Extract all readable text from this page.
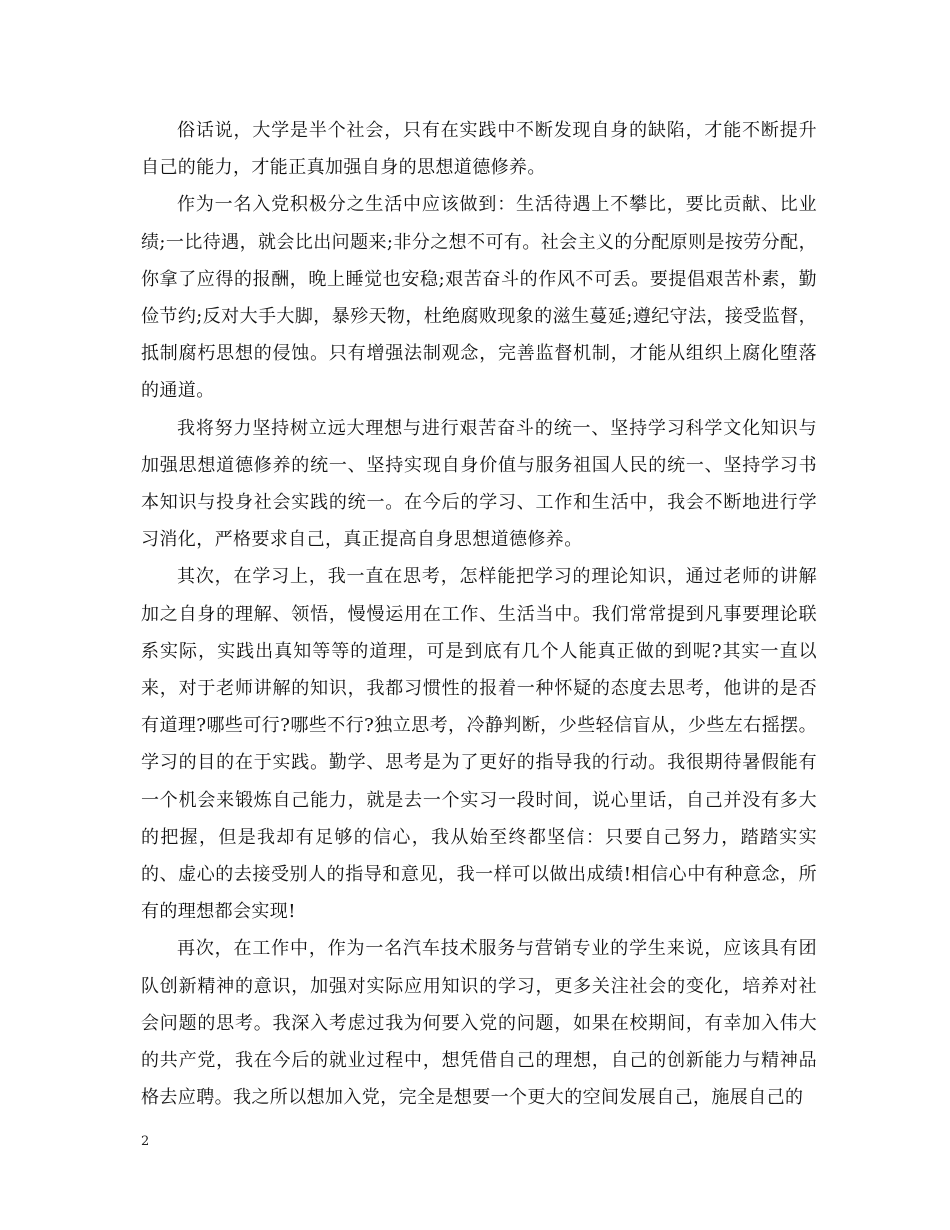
俗话说，大学是半个社会，只有在实践中不断发现自身的缺陷，才能不断提升自己的能力，才能正真加强自身的思想道德修养。

作为一名入党积极分之生活中应该做到：生活待遇上不攀比，要比贡献、比业绩;一比待遇，就会比出问题来;非分之想不可有。社会主义的分配原则是按劳分配，你拿了应得的报酬，晚上睡觉也安稳;艰苦奋斗的作风不可丢。要提倡艰苦朴素，勤俭节约;反对大手大脚，暴殄天物，杜绝腐败现象的滋生蔓延;遵纪守法，接受监督，抵制腐朽思想的侵蚀。只有增强法制观念，完善监督机制，才能从组织上腐化堕落的通道。

我将努力坚持树立远大理想与进行艰苦奋斗的统一、坚持学习科学文化知识与加强思想道德修养的统一、坚持实现自身价值与服务祖国人民的统一、坚持学习书本知识与投身社会实践的统一。在今后的学习、工作和生活中，我会不断地进行学习消化，严格要求自己，真正提高自身思想道德修养。

其次，在学习上，我一直在思考，怎样能把学习的理论知识，通过老师的讲解加之自身的理解、领悟，慢慢运用在工作、生活当中。我们常常提到凡事要理论联系实际，实践出真知等等的道理，可是到底有几个人能真正做的到呢?其实一直以来，对于老师讲解的知识，我都习惯性的报着一种怀疑的态度去思考，他讲的是否有道理?哪些可行?哪些不行?独立思考，冷静判断，少些轻信盲从，少些左右摇摆。学习的目的在于实践。勤学、思考是为了更好的指导我的行动。我很期待暑假能有一个机会来锻炼自己能力，就是去一个实习一段时间，说心里话，自己并没有多大的把握，但是我却有足够的信心，我从始至终都坚信：只要自己努力，踏踏实实的、虚心的去接受别人的指导和意见，我一样可以做出成绩!相信心中有种意念，所有的理想都会实现!

再次，在工作中，作为一名汽车技术服务与营销专业的学生来说，应该具有团队创新精神的意识，加强对实际应用知识的学习，更多关注社会的变化，培养对社会问题的思考。我深入考虑过我为何要入党的问题，如果在校期间，有幸加入伟大的共产党，我在今后的就业过程中，想凭借自己的理想，自己的创新能力与精神品格去应聘。我之所以想加入党，完全是想要一个更大的空间发展自己，施展自己的

2
